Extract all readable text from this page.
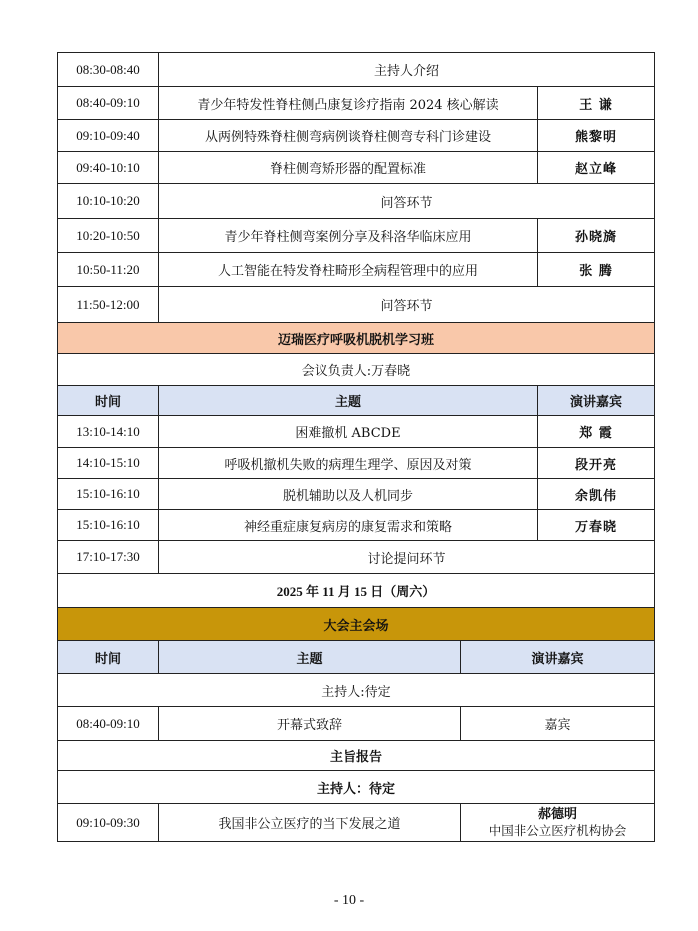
08:30-08:40	主持人介绍		
08:40-09:10	青少年特发性脊柱侧凸康复诊疗指南 2024 核心解读		王 谦
09:10-09:40	从两例特殊脊柱侧弯病例谈脊柱侧弯专科门诊建设		熊黎明
09:40-10:10	脊柱侧弯矫形器的配置标准		赵立峰
10:10-10:20	问答环节		
10:20-10:50	青少年脊柱侧弯案例分享及科洛华临床应用		孙晓旖
10:50-11:20	人工智能在特发脊柱畸形全病程管理中的应用		张 腾
11:50-12:00	问答环节		
迈瑞医疗呼吸机脱机学习班			
会议负责人:万春晓			
时间	主题		演讲嘉宾
13:10-14:10	困难撤机 ABCDE		郑 霞
14:10-15:10	呼吸机撤机失败的病理生理学、原因及对策		段开亮
15:10-16:10	脱机辅助以及人机同步		余凯伟
15:10-16:10	神经重症康复病房的康复需求和策略		万春晓
17:10-17:30	讨论提问环节		
2025 年 11 月 15 日（周六）			
大会主会场			
时间	主题	演讲嘉宾	
主持人:待定			
08:40-09:10	开幕式致辞	嘉宾	
主旨报告			
主持人：待定			
09:10-09:30	我国非公立医疗的当下发展之道	郝德明
中国非公立医疗机构协会	
- 10 -
